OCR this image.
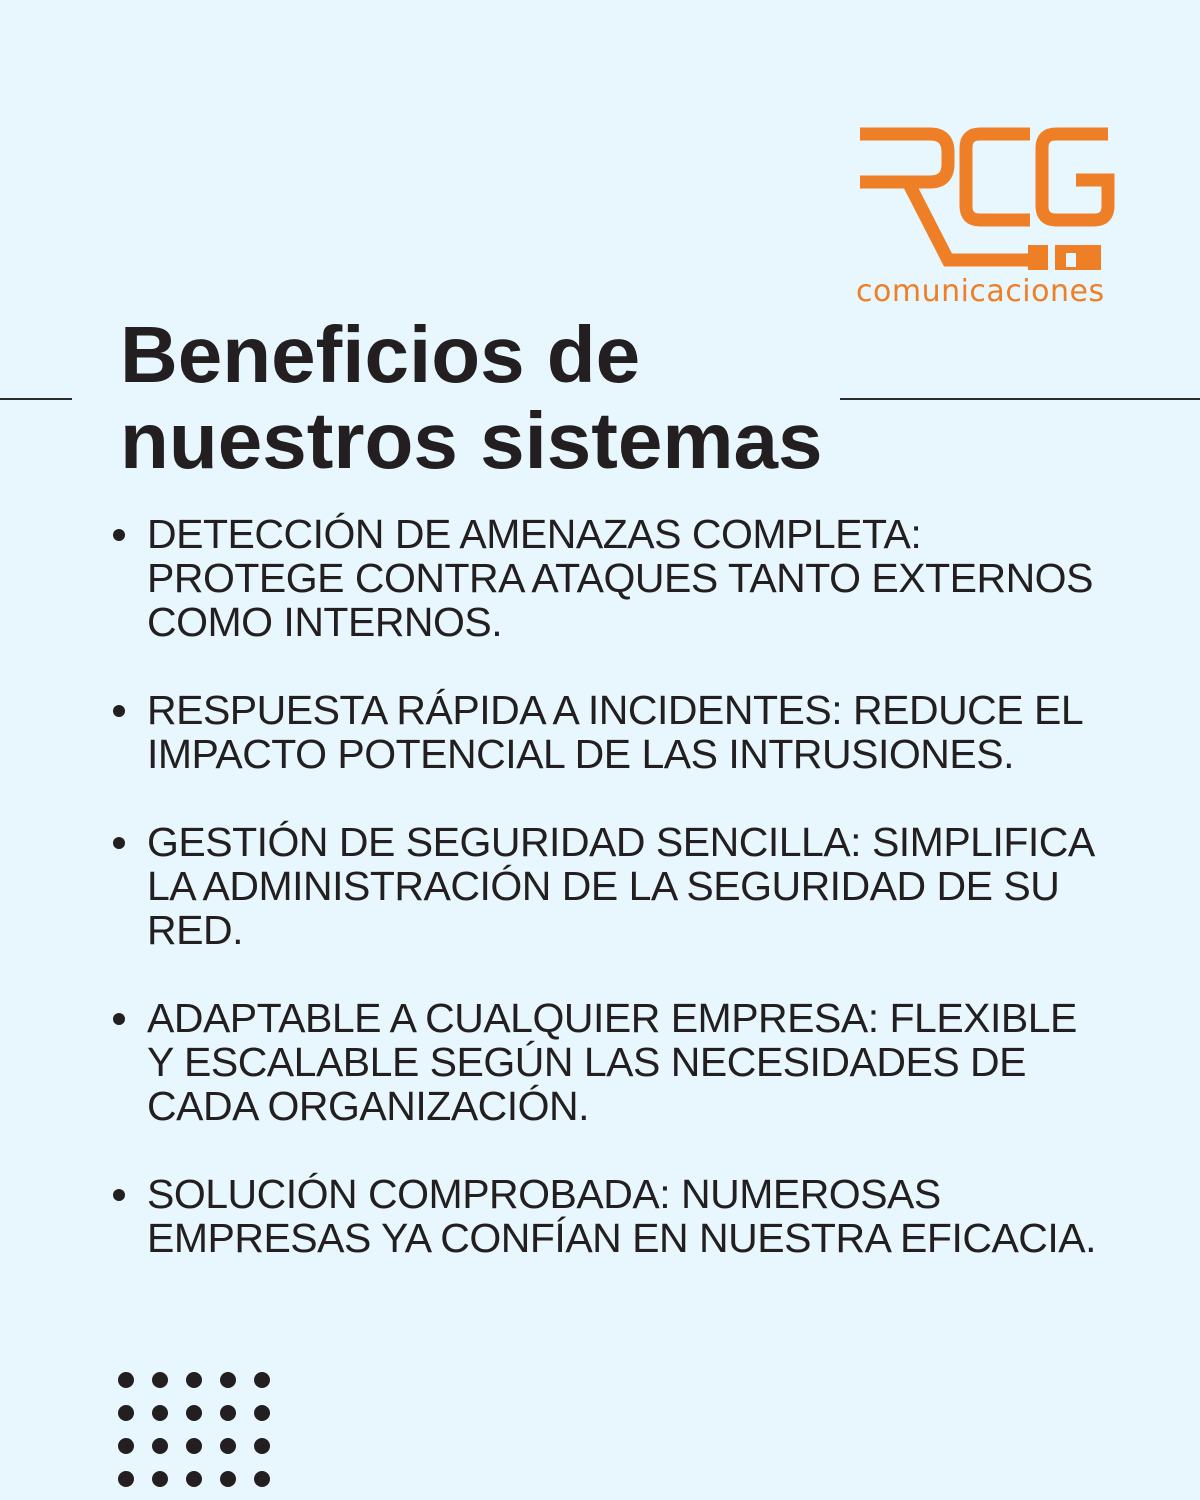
comunicaciones
Beneficios de
nuestros sistemas
DETECCIÓN DE AMENAZAS COMPLETA: PROTEGE CONTRA ATAQUES TANTO EXTERNOS COMO INTERNOS.
RESPUESTA RÁPIDA A INCIDENTES: REDUCE EL IMPACTO POTENCIAL DE LAS INTRUSIONES.
GESTIÓN DE SEGURIDAD SENCILLA: SIMPLIFICA LA ADMINISTRACIÓN DE LA SEGURIDAD DE SU RED.
ADAPTABLE A CUALQUIER EMPRESA: FLEXIBLE Y ESCALABLE SEGÚN LAS NECESIDADES DE CADA ORGANIZACIÓN.
SOLUCIÓN COMPROBADA: NUMEROSAS EMPRESAS YA CONFÍAN EN NUESTRA EFICACIA.
